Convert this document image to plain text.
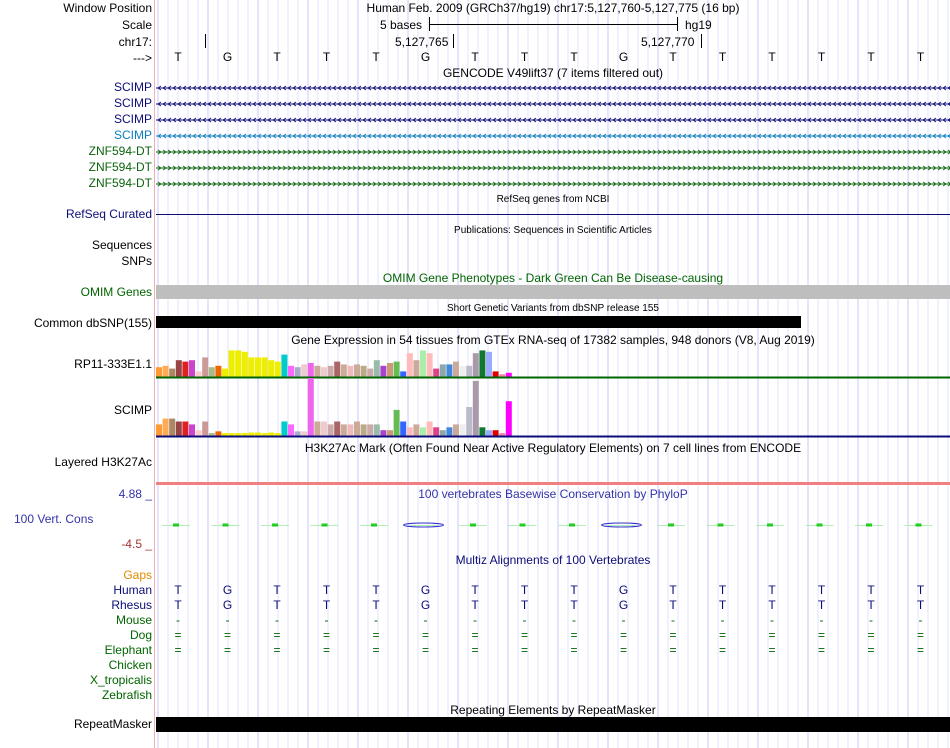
Window Position	Human Feb. 2009 (GRCh37/hg19) chr17:5,127,760-5,127,775 (16 bp)
Scale	5 bases	hg19
chr17:	5,127,765	5,127,770
--->	T	G	T	T	T	G	T	T	T	G	T	T	T	T	T	T
GENCODE V49lift37 (7 items filtered out)
SCIMP
SCIMP
SCIMP
SCIMP
ZNF594-DT
ZNF594-DT
ZNF594-DT
RefSeq genes from NCBI
RefSeq Curated
Publications: Sequences in Scientific Articles
Sequences
SNPs
OMIM Gene Phenotypes - Dark Green Can Be Disease-causing
OMIM Genes
Short Genetic Variants from dbSNP release 155
Common dbSNP(155)
Gene Expression in 54 tissues from GTEx RNA-seq of 17382 samples, 948 donors (V8, Aug 2019)
RP11-333E1.1
SCIMP
H3K27Ac Mark (Often Found Near Active Regulatory Elements) on 7 cell lines from ENCODE
Layered H3K27Ac
100 vertebrates Basewise Conservation by PhyloP
4.88 _
100 Vert. Cons
-4.5 _
Multiz Alignments of 100 Vertebrates
Gaps
Human	T	G	T	T	T	G	T	T	T	G	T	T	T	T	T	T
Rhesus	T	G	T	T	T	G	T	T	T	G	T	T	T	T	T	T
Mouse	-	-	-	-	-	-	-	-	-	-	-	-	-	-	-	-
Dog	=	=	=	=	=	=	=	=	=	=	=	=	=	=	=	=
Elephant	=	=	=	=	=	=	=	=	=	=	=	=	=	=	=	=
Chicken
X_tropicalis
Zebrafish
Repeating Elements by RepeatMasker
RepeatMasker
